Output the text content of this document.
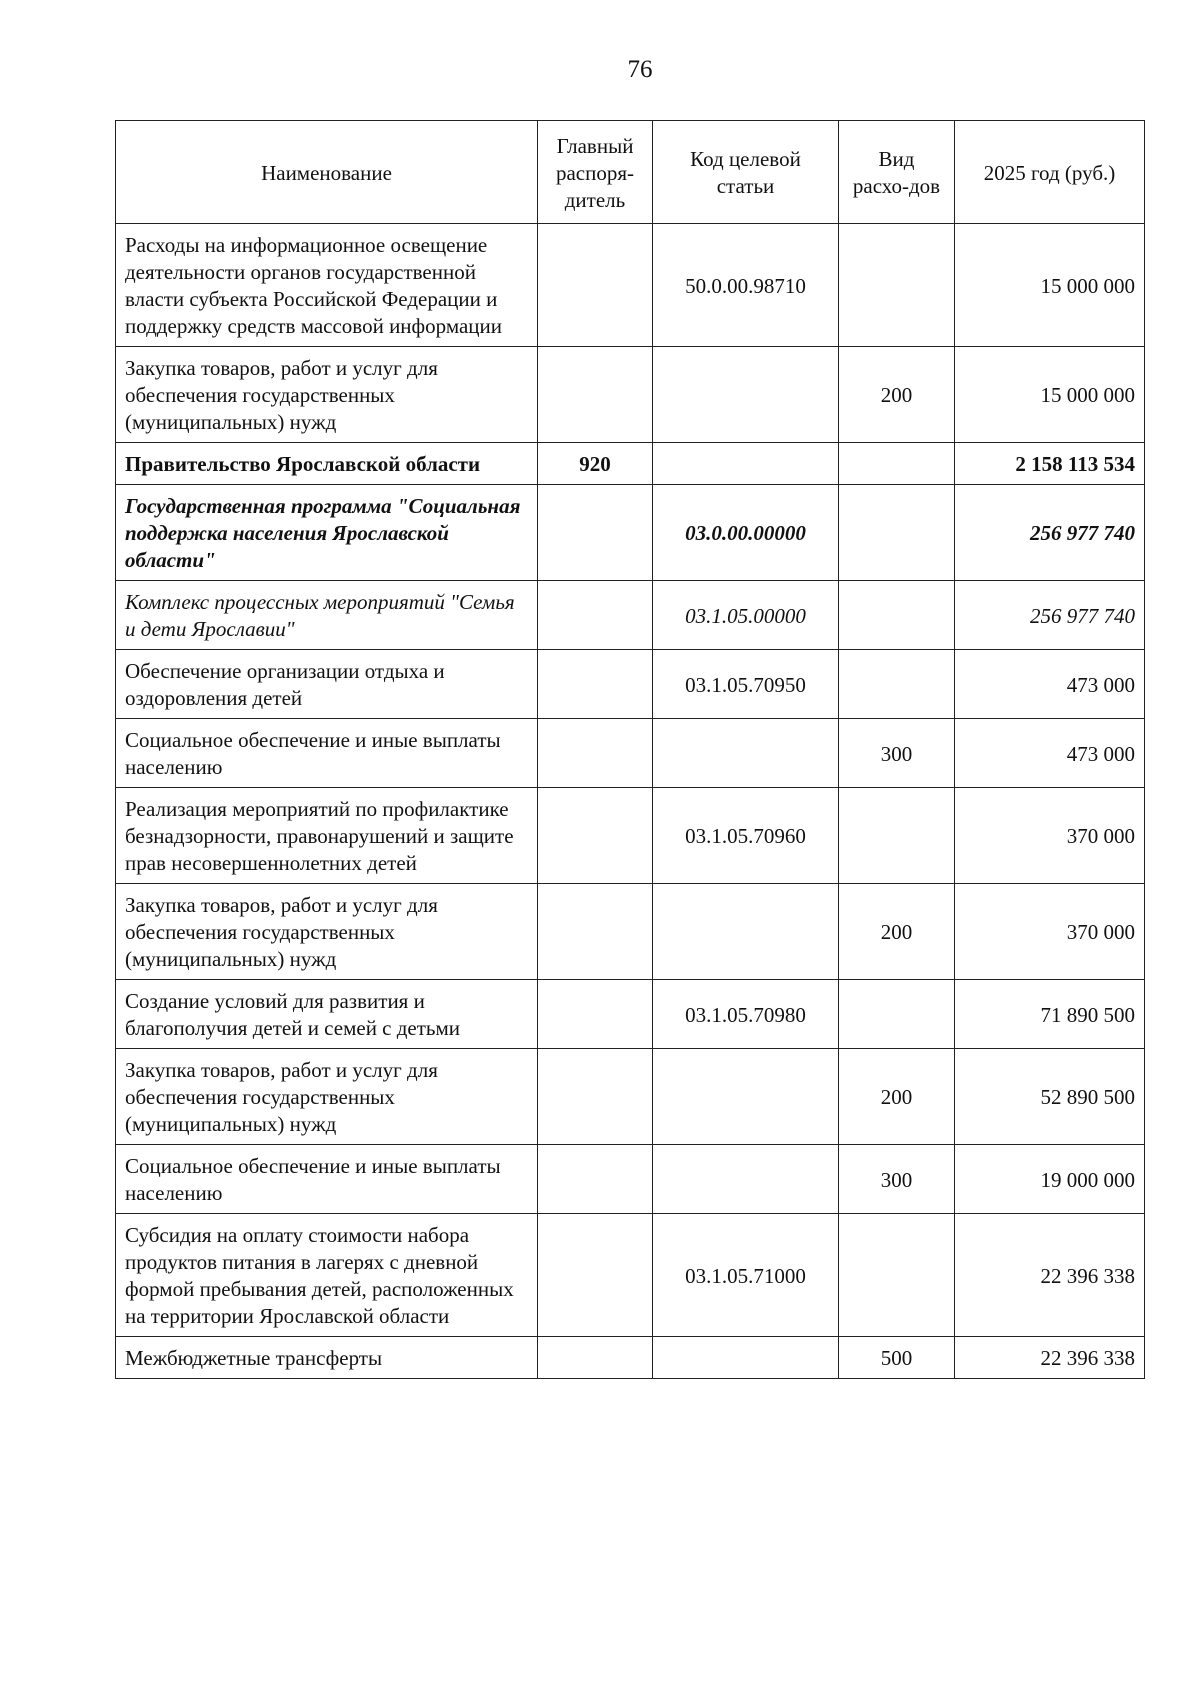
76
Наименование	Главный распоря-дитель	Код целевой статьи	Вид расхо-дов	2025 год (руб.)
Расходы на информационное освещение деятельности органов государственной власти субъекта Российской Федерации и поддержку средств массовой информации		50.0.00.98710		15 000 000
Закупка товаров, работ и услуг для обеспечения государственных (муниципальных) нужд			200	15 000 000
Правительство Ярославской области	920			2 158 113 534
Государственная программа "Социальная поддержка населения Ярославской области"		03.0.00.00000		256 977 740
Комплекс процессных мероприятий "Семья и дети Ярославии"		03.1.05.00000		256 977 740
Обеспечение организации отдыха и оздоровления детей		03.1.05.70950		473 000
Социальное обеспечение и иные выплаты населению			300	473 000
Реализация мероприятий по профилактике безнадзорности, правонарушений и защите прав несовершеннолетних детей		03.1.05.70960		370 000
Закупка товаров, работ и услуг для обеспечения государственных (муниципальных) нужд			200	370 000
Создание условий для развития и благополучия детей и семей с детьми		03.1.05.70980		71 890 500
Закупка товаров, работ и услуг для обеспечения государственных (муниципальных) нужд			200	52 890 500
Социальное обеспечение и иные выплаты населению			300	19 000 000
Субсидия на оплату стоимости набора продуктов питания в лагерях с дневной формой пребывания детей, расположенных на территории Ярославской области		03.1.05.71000		22 396 338
Межбюджетные трансферты			500	22 396 338
